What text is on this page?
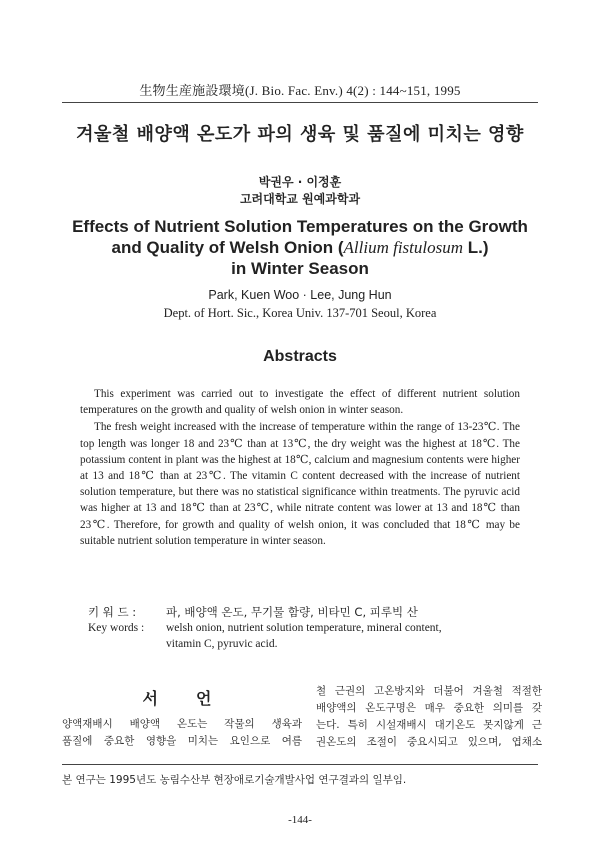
生物生産施設環境(J. Bio. Fac. Env.) 4(2) : 144~151, 1995
겨울철 배양액 온도가 파의 생육 및 품질에 미치는 영향
박권우 · 이정훈
고려대학교 원예과학과
Effects of Nutrient Solution Temperatures on the Growth
and Quality of Welsh Onion (Allium fistulosum L.)
in Winter Season
Park, Kuen Woo · Lee, Jung Hun
Dept. of Hort. Sic., Korea Univ. 137-701 Seoul, Korea
Abstracts

This experiment was carried out to investigate the effect of different nutrient solution temperatures on the growth and quality of welsh onion in winter season.

The fresh weight increased with the increase of temperature within the range of 13-23℃. The top length was longer 18 and 23℃ than at 13℃, the dry weight was the highest at 18℃. The potassium content in plant was the highest at 18℃, calcium and magnesium contents were higher at 13 and 18℃ than at 23℃. The vitamin C content decreased with the increase of nutrient solution temperature, but there was no statistical significance within treatments. The pyruvic acid was higher at 13 and 18℃ than at 23℃, while nitrate content was lower at 13 and 18℃ than 23℃. Therefore, for growth and quality of welsh onion, it was concluded that 18℃ may be suitable nutrient solution temperature in winter season.

키 워 드 :	파, 배양액 온도, 무기물 함량, 비타민 C, 피루빅 산
Key words : welsh onion, nutrient solution temperature, mineral content,
vitamin C, pyruvic acid.
서언
양액재배시 배양액 온도는 작물의 생육과
품질에 중요한 영향을 미치는 요인으로 여름
철 근권의 고온방지와 더불어 겨울철 적절한
배양액의 온도구명은 매우 중요한 의미를 갖
는다. 특히 시설재배시 대기온도 못지않게 근
권온도의 조절이 중요시되고 있으며, 엽채소
본 연구는 1995년도 농림수산부 현장애로기술개발사업 연구결과의 일부임.
-144-
